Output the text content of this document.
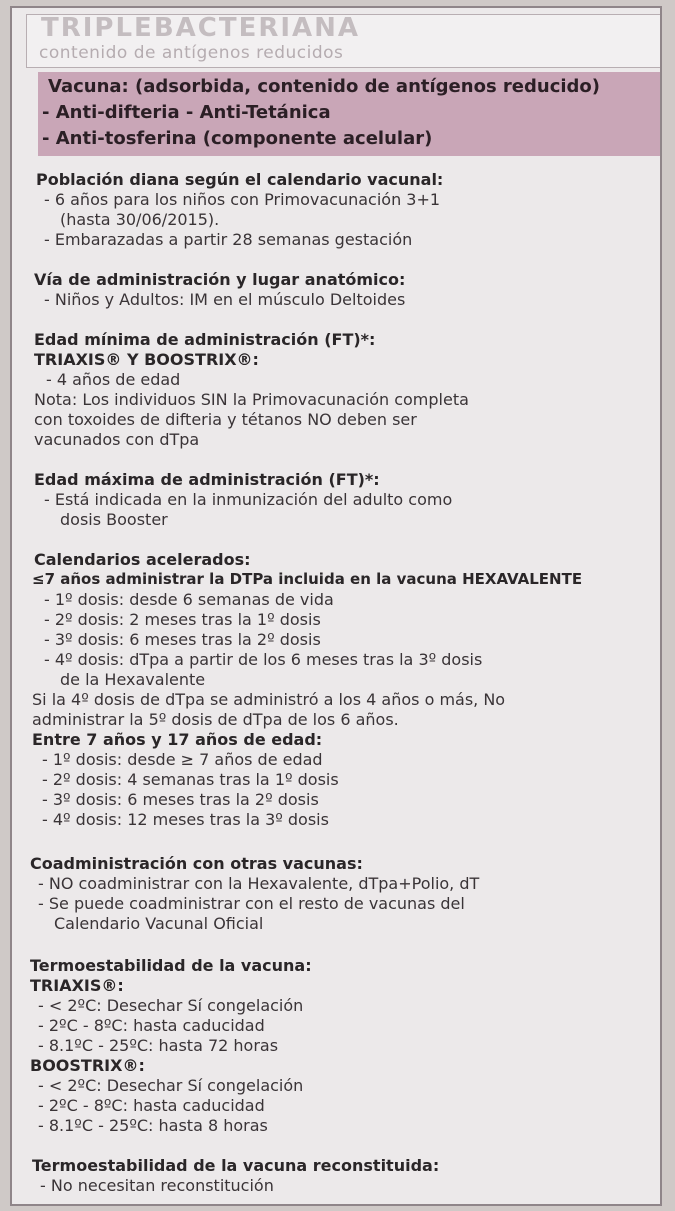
TRIPLEBACTERIANA
contenido de antígenos reducidos
Vacuna: (adsorbida, contenido de antígenos reducido)
- Anti-difteria - Anti-Tetánica
- Anti-tosferina (componente acelular)
Población diana según el calendario vacunal:
- 6 años para los niños con Primovacunación 3+1
(hasta 30/06/2015).
- Embarazadas a partir 28 semanas gestación
Vía de administración y lugar anatómico:
- Niños y Adultos: IM en el músculo Deltoides
Edad mínima de administración (FT)*:
TRIAXIS® Y BOOSTRIX®:
- 4 años de edad
Nota: Los individuos SIN la Primovacunación completa
con toxoides de difteria y tétanos NO deben ser
vacunados con dTpa
Edad máxima de administración (FT)*:
- Está indicada en la inmunización del adulto como
dosis Booster
Calendarios acelerados:
≤7 años administrar la DTPa incluida en la vacuna HEXAVALENTE
- 1º dosis: desde 6 semanas de vida
- 2º dosis: 2 meses tras la 1º dosis
- 3º dosis: 6 meses tras la 2º dosis
- 4º dosis: dTpa a partir de los 6 meses tras la 3º dosis
de la Hexavalente
Si la 4º dosis de dTpa se administró a los 4 años o más, No
administrar la 5º dosis de dTpa de los 6 años.
Entre 7 años y 17 años de edad:
- 1º dosis: desde ≥ 7 años de edad
- 2º dosis: 4 semanas tras la 1º dosis
- 3º dosis: 6 meses tras la 2º dosis
- 4º dosis: 12 meses tras la 3º dosis
Coadministración con otras vacunas:
- NO coadministrar con la Hexavalente, dTpa+Polio, dT
- Se puede coadministrar con el resto de vacunas del
Calendario Vacunal Oficial
Termoestabilidad de la vacuna:
TRIAXIS®:
- < 2ºC: Desechar Sí congelación
- 2ºC - 8ºC: hasta caducidad
- 8.1ºC - 25ºC: hasta 72 horas
BOOSTRIX®:
- < 2ºC: Desechar Sí congelación
- 2ºC - 8ºC: hasta caducidad
- 8.1ºC - 25ºC: hasta 8 horas
Termoestabilidad de la vacuna reconstituida:
- No necesitan reconstitución
